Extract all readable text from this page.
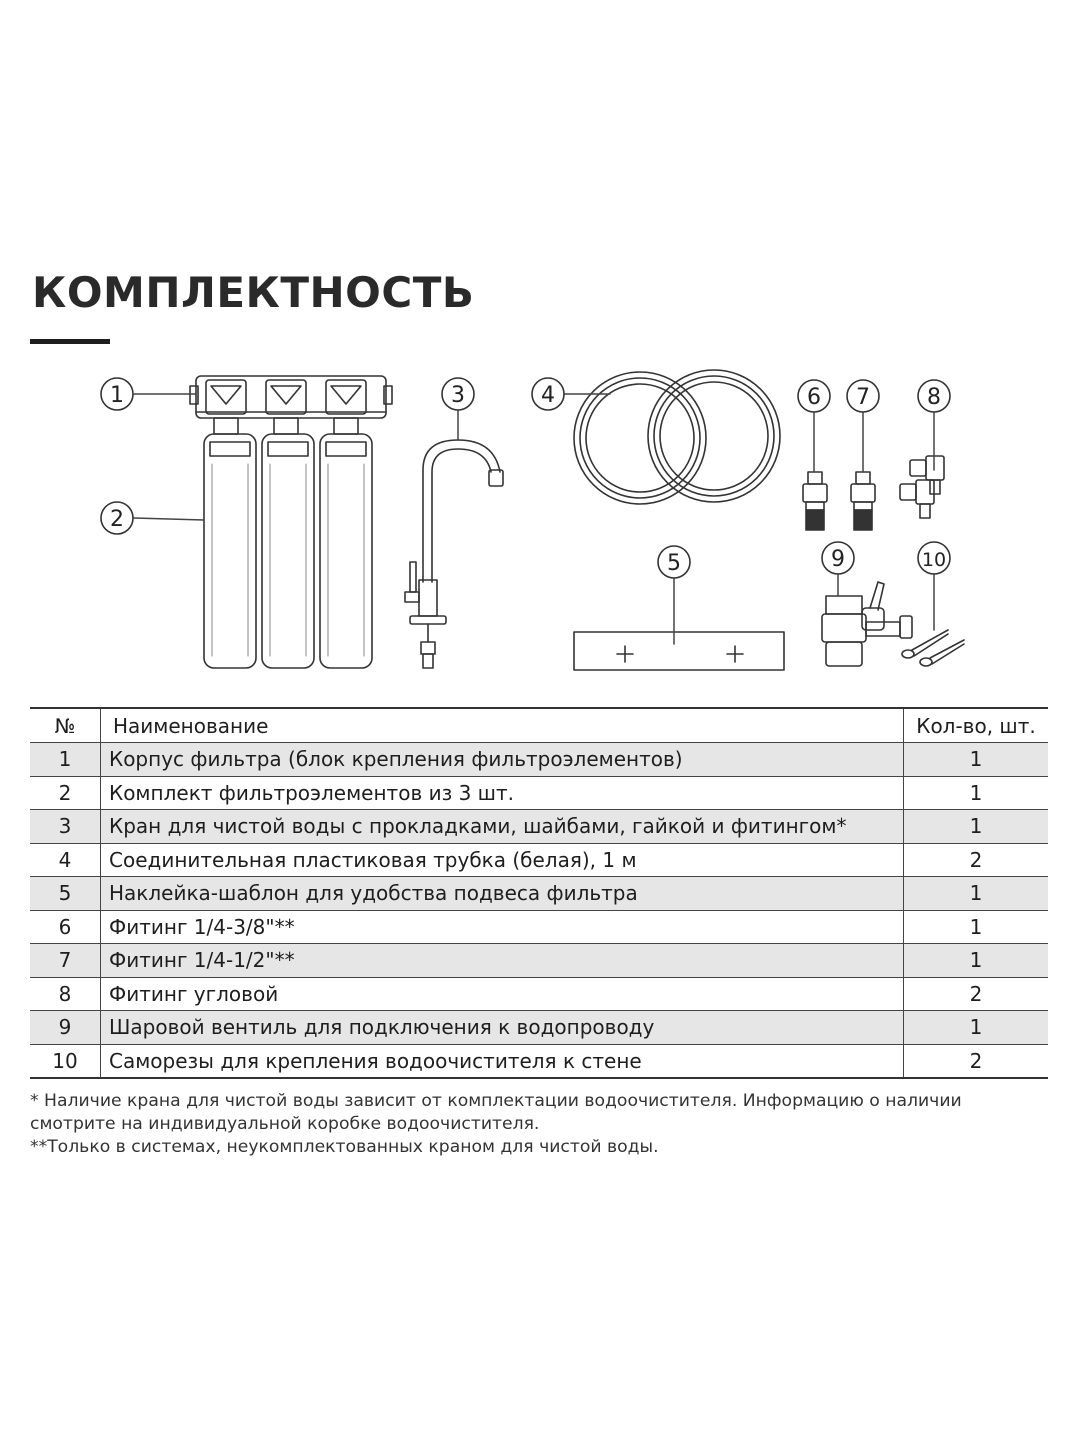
КОМПЛЕКТНОСТЬ
1
2
3	4
5
6 7	8
9	10
№	Наименование	Кол-во, шт.
1	Корпус фильтра (блок крепления фильтроэлементов)	1
2	Комплект фильтроэлементов из 3 шт.	1
3	Кран для чистой воды с прокладками, шайбами, гайкой и фитингом*	1
4	Соединительная пластиковая трубка (белая), 1 м	2
5	Наклейка-шаблон для удобства подвеса фильтра	1
6	Фитинг 1/4-3/8"**	1
7	Фитинг 1/4-1/2"**	1
8	Фитинг угловой	2
9	Шаровой вентиль для подключения к водопроводу	1
10	Саморезы для крепления водоочистителя к стене	2

* Наличие крана для чистой воды зависит от комплектации водоочистителя. Информацию о наличии смотрите на индивидуальной коробке водоочистителя.

**Только в системах, неукомплектованных краном для чистой воды.
